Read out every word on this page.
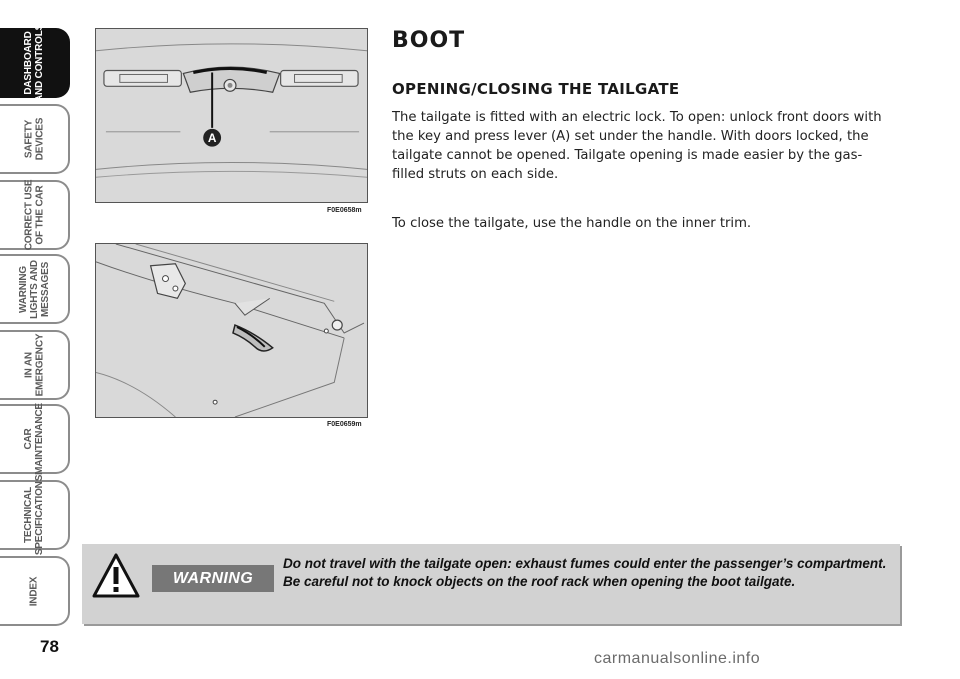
DASHBOARD
AND CONTROLS
SAFETY
DEVICES
CORRECT USE
OF THE CAR
WARNING
LIGHTS AND
MESSAGES
IN AN
EMERGENCY
CAR
MAINTENANCE
TECHNICAL
SPECIFICATIONS
INDEX
78
A
F0E0658m
F0E0659m
BOOT
OPENING/CLOSING THE TAILGATE

The tailgate is fitted with an electric lock. To open: unlock front doors with the key and press lever (A) set under the handle. With doors locked, the tailgate cannot be opened. Tailgate opening is made easier by the gas-filled struts on each side.

To close the tailgate, use the handle on the inner trim.

WARNING

Do not travel with the tailgate open: exhaust fumes could enter the passenger’s compartment. Be careful not to knock objects on the roof rack when opening the boot tailgate.

carmanualsonline.info
